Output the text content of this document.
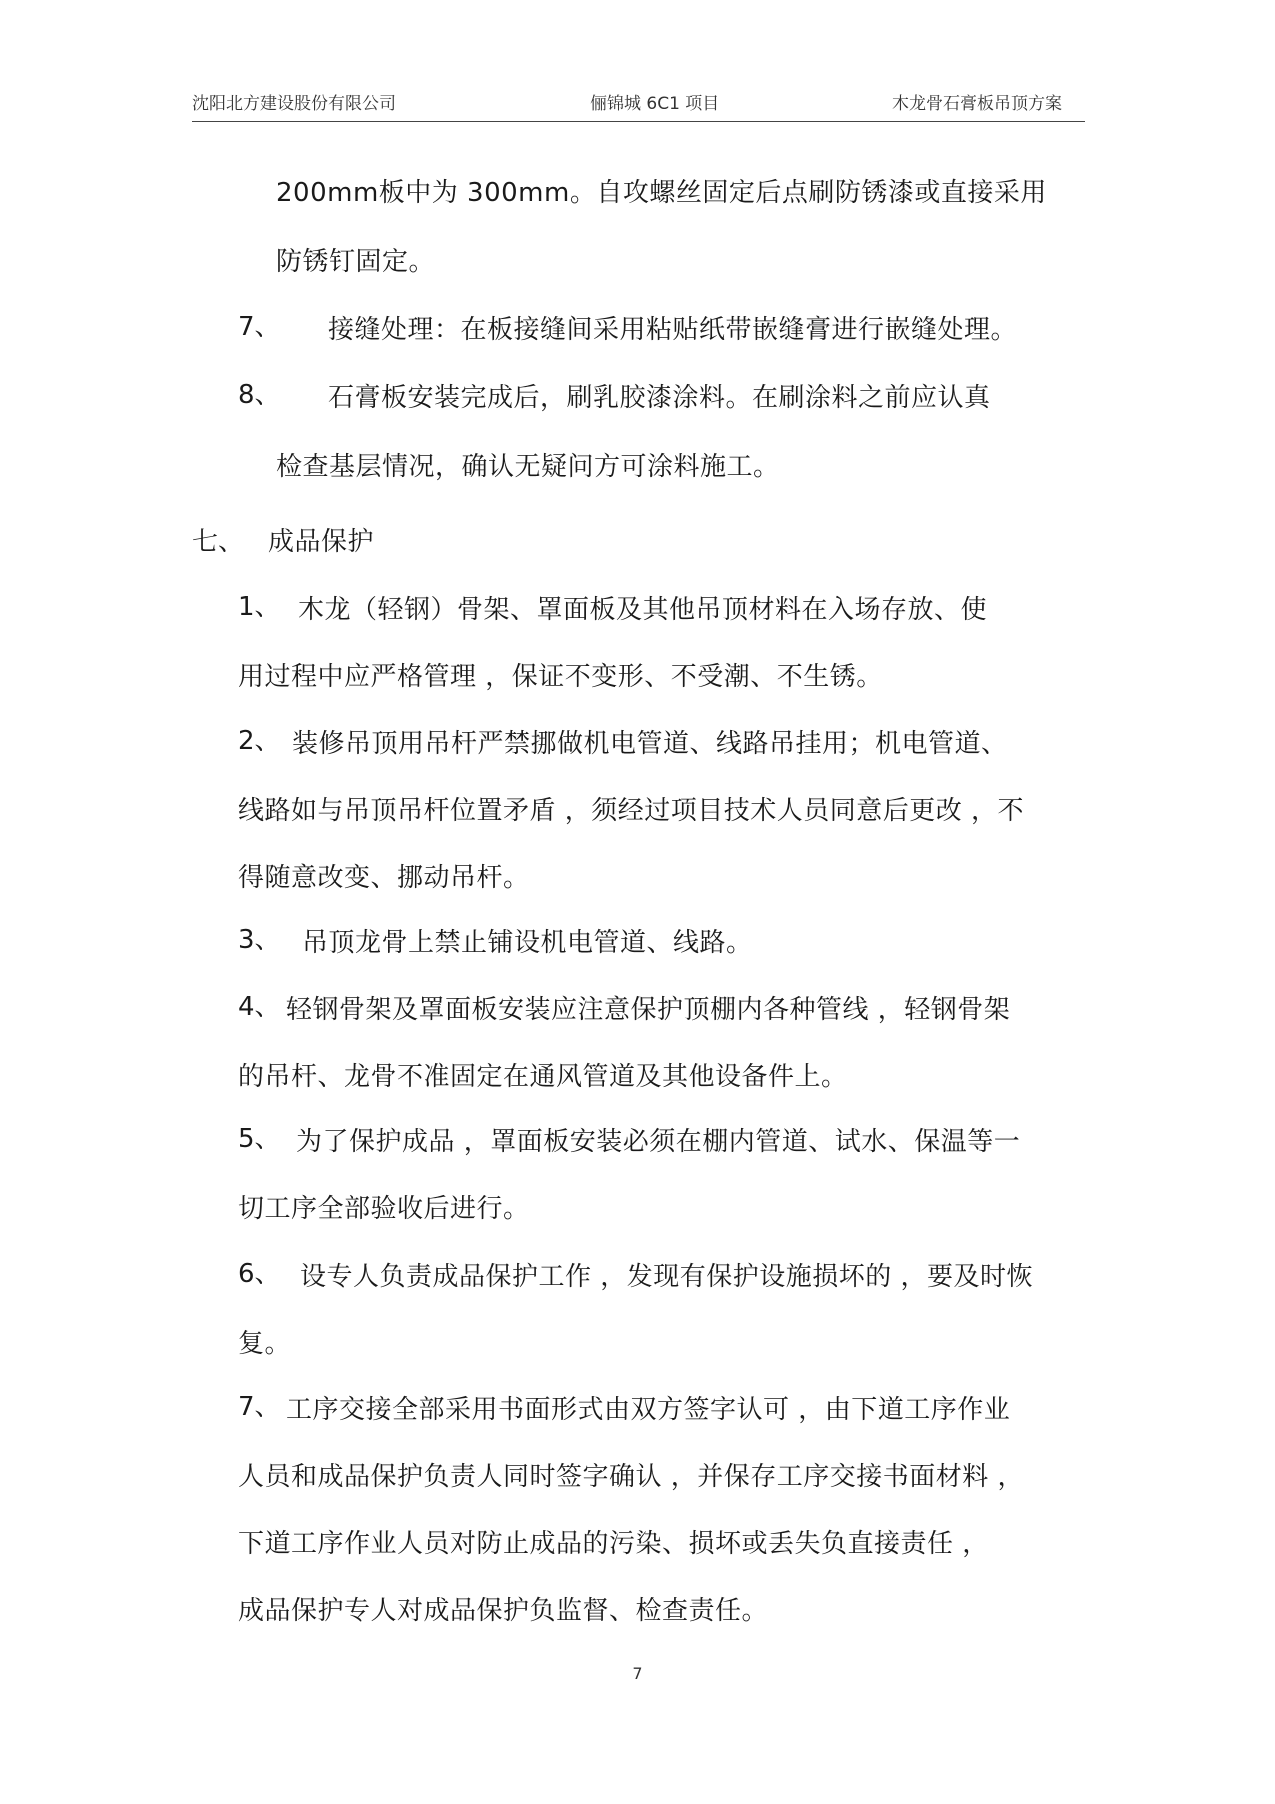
沈阳北方建设股份有限公司	俪锦城 6C1 项目	木龙骨石膏板吊顶方案
200mm板中为 300mm。自攻螺丝固定后点刷防锈漆或直接采用
防锈钉固定。
7、 接缝处理：在板接缝间采用粘贴纸带嵌缝膏进行嵌缝处理。
8、 石膏板安装完成后，刷乳胶漆涂料。在刷涂料之前应认真
检查基层情况，确认无疑问方可涂料施工。
七、 成品保护
1、 木龙（轻钢）骨架、罩面板及其他吊顶材料在入场存放、使
用过程中应严格管理 ，保证不变形、不受潮、不生锈。
2、 装修吊顶用吊杆严禁挪做机电管道、线路吊挂用；机电管道、
线路如与吊顶吊杆位置矛盾 ，须经过项目技术人员同意后更改 ，不
得随意改变、挪动吊杆。
3、 吊顶龙骨上禁止铺设机电管道、线路。
4、 轻钢骨架及罩面板安装应注意保护顶棚内各种管线 ，轻钢骨架
的吊杆、龙骨不准固定在通风管道及其他设备件上。
5、 为了保护成品 ，罩面板安装必须在棚内管道、试水、保温等一
切工序全部验收后进行。
6、 设专人负责成品保护工作 ，发现有保护设施损坏的 ，要及时恢
复。
7、 工序交接全部采用书面形式由双方签字认可 ，由下道工序作业
人员和成品保护负责人同时签字确认 ，并保存工序交接书面材料 ，
下道工序作业人员对防止成品的污染、损坏或丢失负直接责任 ，
成品保护专人对成品保护负监督、检查责任。
7
